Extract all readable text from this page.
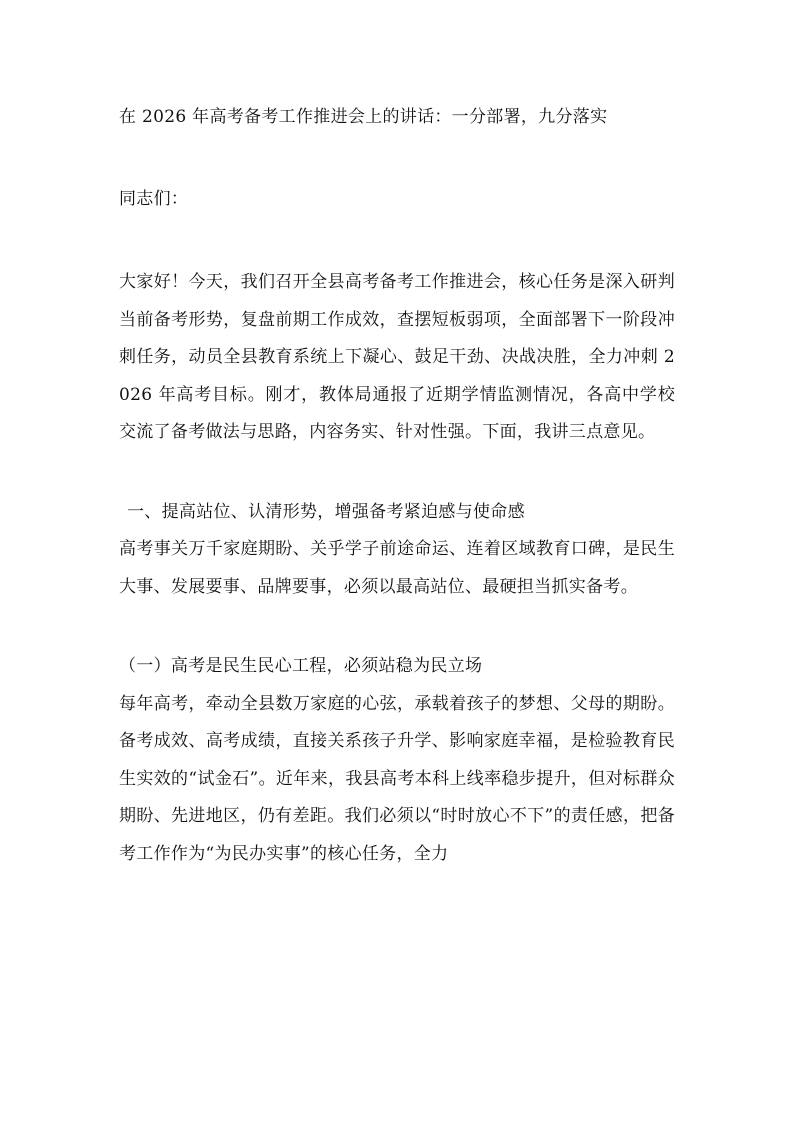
在 2026 年高考备考工作推进会上的讲话：一分部署，九分落实

同志们：

大家好！今天，我们召开全县高考备考工作推进会，核心任务是深入研判当前备考形势，复盘前期工作成效，查摆短板弱项，全面部署下一阶段冲刺任务，动员全县教育系统上下凝心、鼓足干劲、决战决胜，全力冲刺 2026 年高考目标。刚才，教体局通报了近期学情监测情况，各高中学校交流了备考做法与思路，内容务实、针对性强。下面，我讲三点意见。

一、提高站位、认清形势，增强备考紧迫感与使命感

高考事关万千家庭期盼、关乎学子前途命运、连着区域教育口碑，是民生大事、发展要事、品牌要事，必须以最高站位、最硬担当抓实备考。

（一）高考是民生民心工程，必须站稳为民立场

每年高考，牵动全县数万家庭的心弦，承载着孩子的梦想、父母的期盼。备考成效、高考成绩，直接关系孩子升学、影响家庭幸福，是检验教育民生实效的“试金石”。近年来，我县高考本科上线率稳步提升，但对标群众期盼、先进地区，仍有差距。我们必须以“时时放心不下”的责任感，把备考工作作为“为民办实事”的核心任务，全力
